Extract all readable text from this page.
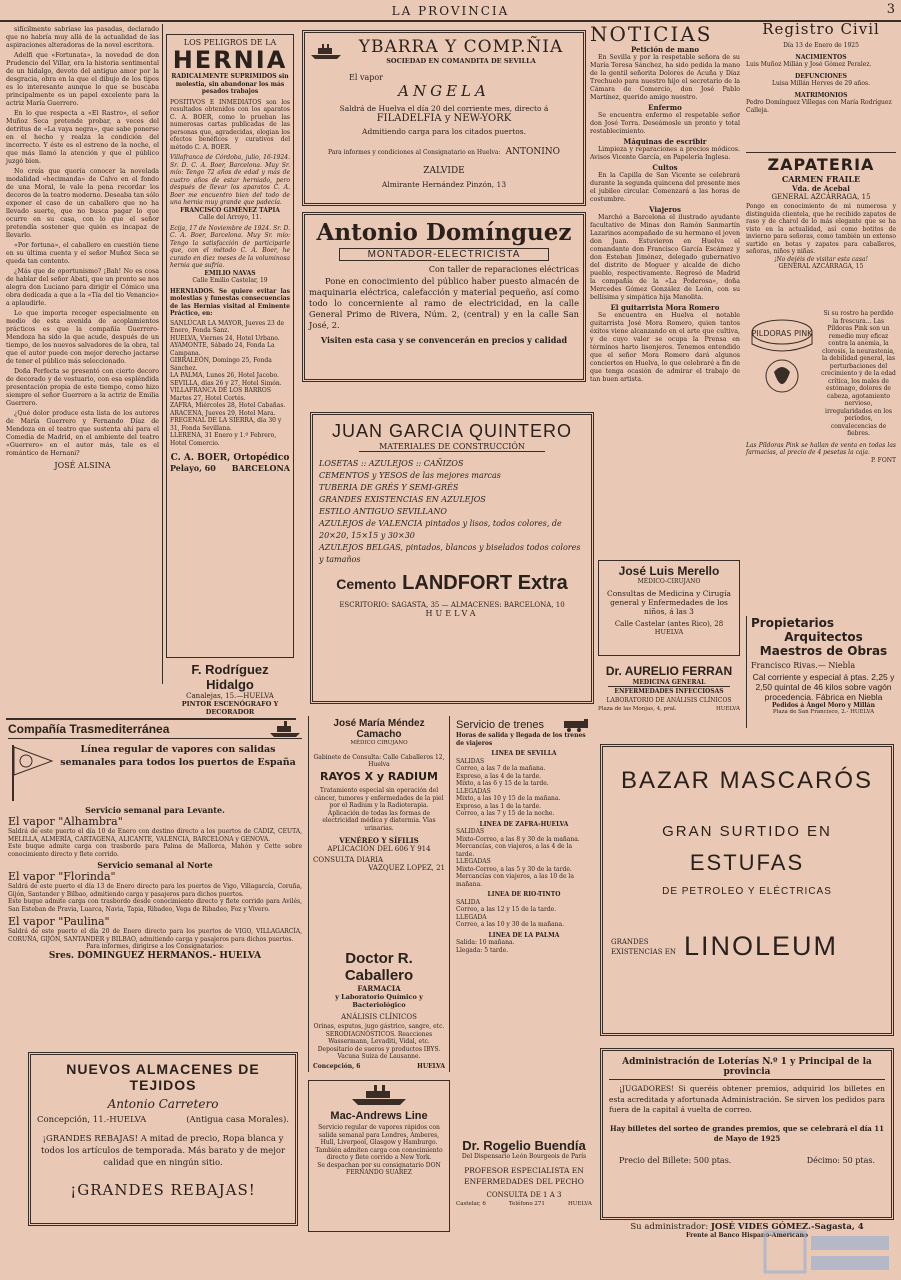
LA PROVINCIA	3

sifícilmente sabríase las pasadas, declarado que no habría muy allá de la actualidad de las aspiraciones alteradoras de la novel escritora.

Adelfi que «Fortunata», la novedad de don Prudencio del Villar, era la historia sentimental de un hidalgo, devoto del antiguo amor por la desgracia, obra en la que el dibujo de los tipos es lo interesante aunque lo que se buscaba principalmente es un papel excelente para la actriz María Guerrero.

En lo que respecta a «El Rastro», el señor Muñoz Seca pretende probar, a veces del detritus de «La vaya negra», que sabe ponerse en el hecho y realza la condición del incorrecto. Y éste es el estreno de la noche, el que más llamó la atención y que el público juzgó bien.

No creía que quería conocer la novelada modalidad «hecimanda» de Calvo en el fondo de una Moral, le vale la pena recordar los decoros de la teatro moderno. Deseaba tan sólo exponer el caso de un caballero que no ha llevado suerte, que no busca pagar lo que ocurre en su casa, con lo que el señor pretendía sostener que quién es incapaz de llevarlo.

«Por fortuna», el caballero en cuestión tiene en su última cuenta y el señor Muñoz Seca se queda tan contento.

¿Más que de oportunismo? ¡Bah! No es cosa de hablar del señor Abati, que un pronto se nos alegra don Luciano para dirigir el Cómico una obra dedicada a que a la «Tía del tío Venancio» a aplaudirle.

Lo que importa recoger especialmente en medio de esta avenida de acoplamientos prácticos es que la compañía Guerrero-Mendoza ha sido la que acude, después de un tiempo, de los nuevos salvadores de la obra, tal que el autor puede con mejor derecho jactarse de tener el público más seleccionado.

Doña Perfecta se presentó con cierto decoro de decorado y de vestuario, con esa espléndida presentación propia de este tiempo, como hizo siempre el señor Guerrero a la actriz de Emilia Guerrero.

¿Qué dolor produce esta lista de los autores de María Guerrero y Fernando Díaz de Mendoza en el teatro que sustenta ahí para el Comedia de Madrid, en el ambiente del teatro «Guerrero» en el autor más, tale es el romántico de Hernani?

JOSÉ ALSINA
LOS PELIGROS DE LA
HERNIA
RADICALMENTE SUPRIMIDOS sin molestia, sin abandonar los más pesados trabajos
POSITIVOS E INMEDIATOS son los resultados obtenidos con los aparatos C. A. BOER, como lo prueban las numerosas cartas publicadas de las personas que, agradecidas, elogian los efectos benéficos y curativos del método C. A. BOER.
Villafranca de Córdoba, julio, 16-1924. Sr. D. C. A. Boer, Barcelona. Muy Sr. mío: Tengo 72 años de edad y más de cuatro años de estar herniado, pero después de llevar los aparatos C. A. Boer me encuentro bien del todo de una hernia muy grande que padecía.
FRANCISCO GIMÉNEZ TAPIA
Calle del Arroyo, 11.
Ecija, 17 de Noviembre de 1924. Sr. D. C. A. Boer, Barcelona. Muy Sr. mío: Tengo la satisfacción de participarle que, con el método C. A. Boer, he curado en diez meses de la voluminosa hernia que sufría.
EMILIO NAVAS
Calle Emilio Castelar, 19
HERNIADOS. Se quiere evitar las molestias y funestas consecuencias de las Hernias visitad al Eminente Práctico, en:
SANLÚCAR LA MAYOR, Jueves 23 de Enero, Fonda Sanz.
HUELVA, Viernes 24, Hotel Urbano.
AYAMONTE, Sábado 24, Fonda La Campana.
GIBRALEÓN, Domingo 25, Fonda Sánchez.
LA PALMA, Lunes 26, Hotel Jacobo.
SEVILLA, días 26 y 27, Hotel Simón.
VILLAFRANCA DE LOS BARROS Martes 27, Hotel Cortés.
ZAFRA, Miércoles 28, Hotel Cabañas.
ARACENA, Jueves 29, Hotel Mara.
FREGENAL DE LA SIERRA, día 30 y 31, Fonda Sevillana.
LLERENA, 31 Enero y 1.º Febrero, Hotel Comercio.
C. A. BOER, Ortopédico
Pelayo, 60 BARCELONA
F. Rodríguez Hidalgo
Canalejas, 15.—HUELVA
PINTOR ESCENÓGRAFO Y DECORADOR
YBARRA Y COMP.ÑIA
SOCIEDAD EN COMANDITA DE SEVILLA
El vapor
ANGELA
Saldrá de Huelva el día 20 del corriente mes, directo á
FILADELFIA y NEW-YORK
Admitiendo carga para los citados puertos.
Para informes y condiciones al Consignatario en Huelva: ANTONINO ZALVIDE
Almirante Hernández Pinzón, 13
Antonio Domínguez
MONTADOR-ELECTRICISTA
Con taller de reparaciones eléctricas
Pone en conocimiento del público haber puesto almacén de maquinaria eléctrica, calefacción y material pequeño, así como todo lo concerniente al ramo de electricidad, en la calle General Primo de Rivera, Núm. 2, (central) y en la calle San José, 2.
Visiten esta casa y se convencerán en precios y calidad
JUAN GARCIA QUINTERO
MATERIALES DE CONSTRUCCIÓN
LOSETAS :: AZULEJOS :: CAÑIZOS
CEMENTOS y YESOS de las mejores marcas
TUBERIA DE GRÉS Y SEMI-GRÉS
GRANDES EXISTENCIAS EN AZULEJOS
ESTILO ANTIGUO SEVILLANO
AZULEJOS de VALENCIA pintados y lisos, todos colores, de 20×20, 15×15 y 30×30
AZULEJOS BELGAS, pintados, blancos y biselados todos colores y tamaños
Cemento LANDFORT Extra
ESCRITORIO: SAGASTA, 35 — ALMACENES: BARCELONA, 10
HUELVA
NOTICIAS
Petición de mano

En Sevilla y por la respetable señora de su María Teresa Sánchez, ha sido pedida la mano de la gentil señorita Dolores de Acuña y Díaz Trechuelo para nuestro hijo el secretario de la Cámara de Comercio, don José Pablo Martínez, querido amigo nuestro.

Enfermo

Se encuentra enfermo el respetable señor don José Torra. Deseámosle un pronto y total restablecimiento.

Máquinas de escribir

Limpieza y reparaciones a precios módicos. Avisos Vicente García, en Papelería Inglesa.

Cultos

En la Capilla de San Vicente se celebrará durante la segunda quincena del presente mes el jubileo circular. Comenzará a las horas de costumbre.

Viajeros

Marchó a Barcelona el ilustrado ayudante facultativo de Minas don Ramón Sanmartín Lazarinos acompañado de su hermano el joven don Juan. Estuvieron en Huelva el comandante don Francisco García Escámez y don Esteban Jiménez, delegado gubernativo del distrito de Moguer y alcalde de dicho pueblo, respectivamente. Regresó de Madrid la compañía de la «La Poderosa», doña Mercedes Gómez González de León, con su bellísima y simpática hija Manolita.

El guitarrista Mora Romero

Se encuentra en Huelva el notable guitarrista José Mora Romero, quien tantos éxitos viene alcanzando en el arte que cultiva, y de cuyo valer se ocupa la Prensa en términos harto lisonjeros. Tenemos entendido que el señor Mora Romero dará algunos conciertos en Huelva, lo que celebraré a fin de que tenga ocasión de admirar el trabajo de tan buen artista.

José Luis Merello
MÉDICO-CIRUJANO
Consultas de Medicina y Cirugía general y Enfermedades de los niños, á las 3
Calle Castelar (antes Rico), 28
HUELVA
Dr. AURELIO FERRAN
MEDICINA GENERAL
ENFERMEDADES INFECCIOSAS
LABORATORIO DE ANÁLISIS CLÍNICOS
Plaza de las Monjas, 4, pral.	HUELVA
Registro Civil
Día 13 de Enero de 1925
NACIMIENTOS
Luis Muñoz Millán y José Gómez Peralez.
DEFUNCIONES
Luisa Millán Herves de 29 años.
MATRIMONIOS
Pedro Domínguez Villegas con María Rodríguez Calleja.
ZAPATERIA
CARMEN FRAILE
Vda. de Acebal
GENERAL AZCÁRRAGA, 15
Pongo en conocimiento de mi numerosa y distinguida clientela, que he recibido zapatos de raso y de charol de lo más elegante que se ha visto en la actualidad, así como botitos de invierno para señoras, como también un extenso surtido en botas y zapatos para caballeros, señoras, niños y niñas.
¡No dejéis de visitar esta casa!
GENERAL AZCÁRRAGA, 15
PILDORAS PINK
Si su rostro ha perdido la frescura... Las Píldoras Pink son un remedio muy eficaz contra la anemia, la clorosis, la neurastenia, la debilidad general, las perturbaciones del crecimiento y de la edad crítica, los males de estómago, dolores de cabeza, agotamiento nervioso, irregularidades en los períodos, convalecencias de fiebres.
Las Píldoras Pink se hallan de venta en todas las farmacias, al precio de 4 pesetas la caja.
P. FONT
Propietarios
Arquitectos
Maestros de Obras
Francisco Rivas.— Niebla
Cal corriente y especial á ptas. 2,25 y 2,50 quintal de 46 kilos sobre vagón procedencia. Fábrica en Niebla
Pedidos á Ángel Moro y Millán
Plaza de San Francisco, 2.- HUELVA
Compañía Trasmediterránea
Línea regular de vapores con salidas semanales para todos los puertos de España
Servicio semanal para Levante.
El vapor "Alhambra"
Saldrá de este puerto el día 10 de Enero con destino directo a los puertos de CADIZ, CEUTA, MELILLA, ALMERÍA, CARTAGENA, ALICANTE, VALENCIA, BARCELONA y GENOVA.
Este buque admite carga con trasbordo para Palma de Mallorca, Mahón y Cette sobre conocimiento directo y flete corrido.
Servicio semanal al Norte
El vapor "Florinda"
Saldrá de este puerto el día 13 de Enero directo para los puertos de Vigo, Villagarcía, Coruña, Gijón, Santander y Bilbao, admitiendo carga y pasajeros para dichos puertos.
Este buque admite carga con trasbordo desde conocimiento directo y flete corrido para Avilés, San Esteban de Pravia, Luarca, Navia, Tapia, Ribadeo, Vega de Ribadeo, Foz y Vivero.
El vapor "Paulina"
Saldrá de este puerto el día 20 de Enero directo para los puertos de VIGO, VILLAGARCÍA, CORUÑA, GIJÓN, SANTANDER y BILBAO, admitiendo carga y pasajeros para dichos puertos.
Para informes, dirigirse a los Consignatarios:
Sres. DOMINGUEZ HERMANOS.- HUELVA
NUEVOS ALMACENES DE TEJIDOS
Antonio Carretero
Concepción, 11.-HUELVA	(Antigua casa Morales).
¡GRANDES REBAJAS! A mitad de precio, Ropa blanca y todos los artículos de temporada. Más barato y de mejor calidad que en ningún sitio.
¡GRANDES REBAJAS!
José María Méndez Camacho
MÉDICO CIRUJANO
Gabinete de Consulta: Calle Caballeros 12, Huelva
RAYOS X y RADIUM
Tratamiento especial sin operación del cáncer, tumores y enfermedades de la piel por el Radium y la Radioterapia. Aplicación de todas las formas de electricidad médica y diatermia. Vías urinarias.
VENÉREO Y SÍFILIS
APLICACIÓN DEL 606 Y 914
CONSULTA DIARIA
VAZQUEZ LOPEZ, 21
Doctor R. Caballero
FARMACIA
y Laboratorio Químico y Bacteriológico
ANÁLISIS CLÍNICOS
Orinas, esputos, jugo gástrico, sangre, etc. SERODIAGNÓSTICOS. Reacciones Wassermann, Levaditi, Vidal, etc. Depositario de sueros y productos IBYS. Vacuna Suiza de Lausanne.
Concepción, 6	HUELVA
Mac-Andrews Line
Servicio regular de vapores rápidos con salida semanal para Londres, Amberes, Hull, Liverpool, Glasgow y Hamburgo. También admiten carga con conocimiento directo y flete corrido a New York.
Se despachan por su consignatario DON
FERNANDO SUAREZ
Servicio de trenes
Horas de salida y llegada de los trenes de viajeros
LINEA DE SEVILLA
SALIDAS
Correo, a las 7 de la mañana.
Expreso, a las 4 de la tarde.
Mixto, a las 6 y 15 de la tarde.
LLEGADAS
Mixto, a las 10 y 15 de la mañana.
Expreso, a las 1 de la tarde.
Correo, a las 7 y 15 de la noche.
LINEA DE ZAFRA-HUELVA
SALIDAS
Mixto-Correo, a las 8 y 30 de la mañana.
Mercancías, con viajeros, a las 4 de la tarde.
LLEGADAS
Mixto-Correo, a las 5 y 30 de la tarde.
Mercancías con viajeros, a las 10 de la mañana.
LINEA DE RIO-TINTO
SALIDA
Correo, a las 12 y 15 de la tarde.
LLEGADA
Correo, a las 10 y 30 de la mañana.
LINEA DE LA PALMA
Salida: 10 mañana.
Llegada: 5 tarde.
Dr. Rogelio Buendía
Del Dispensario León Bourgeois de París
PROFESOR ESPECIALISTA EN ENFERMEDADES DEL PECHO
CONSULTA DE 1 A 3
Castelar, 6	Teléfono 271	HUELVA
BAZAR MASCARÓS
GRAN SURTIDO EN
ESTUFAS
DE PETROLEO Y ELÉCTRICAS
GRANDES
EXISTENCIAS EN LINOLEUM
Administración de Loterías N.º 1 y Principal de la provincia
¡JUGADORES! Si queréis obtener premios, adquirid los billetes en esta acreditada y afortunada Administración. Se sirven los pedidos para fuera de la capital á vuelta de correo.
Hay billetes del sorteo de grandes premios, que se celebrará el día 11 de Mayo de 1925
Precio del Billete: 500 ptas.	Décimo: 50 ptas.
Su administrador: JOSÉ VIDES GÓMEZ.-Sagasta, 4
Frente al Banco Hispano-Americano
